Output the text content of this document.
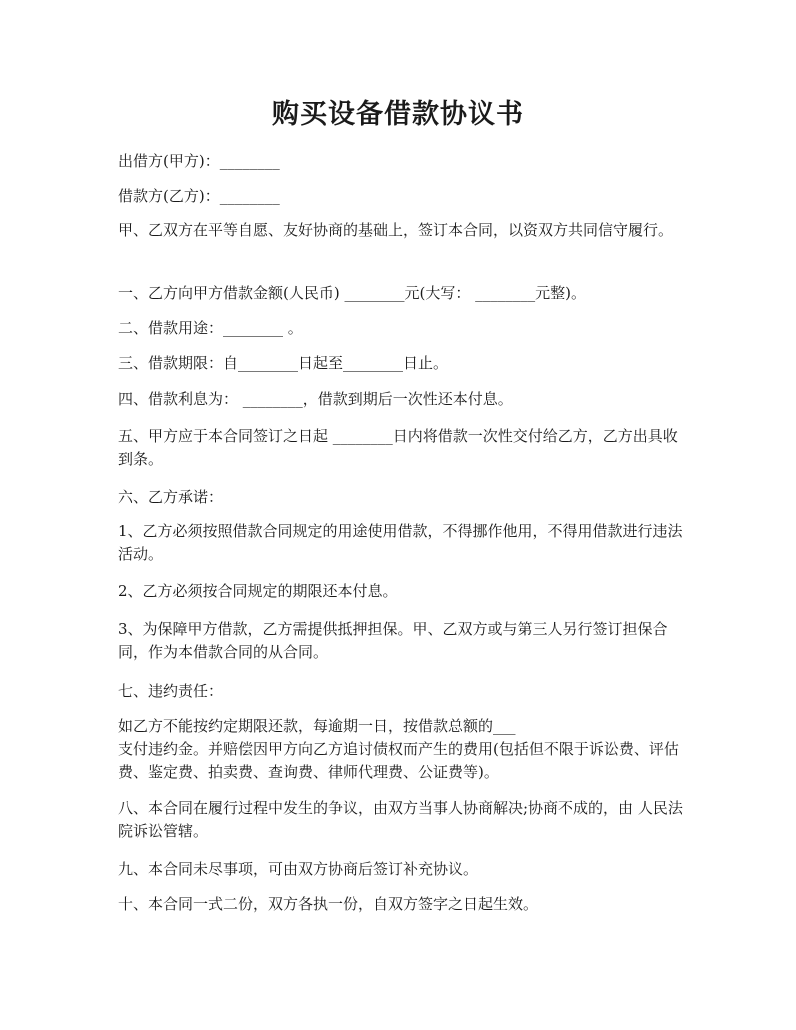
购买设备借款协议书

出借方(甲方)：________

借款方(乙方)：________

甲、乙双方在平等自愿、友好协商的基础上，签订本合同，以资双方共同信守履行。

一、乙方向甲方借款金额(人民币) ________元(大写： ________元整)。

二、借款用途：________ 。

三、借款期限：自________日起至________日止。

四、借款利息为： ________，借款到期后一次性还本付息。

五、甲方应于本合同签订之日起 ________日内将借款一次性交付给乙方，乙方出具收到条。

六、乙方承诺：

1、乙方必须按照借款合同规定的用途使用借款，不得挪作他用，不得用借款进行违法活动。

2、乙方必须按合同规定的期限还本付息。

3、为保障甲方借款，乙方需提供抵押担保。甲、乙双方或与第三人另行签订担保合同，作为本借款合同的从合同。

七、违约责任：

如乙方不能按约定期限还款，每逾期一日，按借款总额的___

支付违约金。并赔偿因甲方向乙方追讨债权而产生的费用(包括但不限于诉讼费、评估费、鉴定费、拍卖费、查询费、律师代理费、公证费等)。

八、本合同在履行过程中发生的争议，由双方当事人协商解决;协商不成的，由 人民法院诉讼管辖。

九、本合同未尽事项，可由双方协商后签订补充协议。

十、本合同一式二份，双方各执一份，自双方签字之日起生效。
